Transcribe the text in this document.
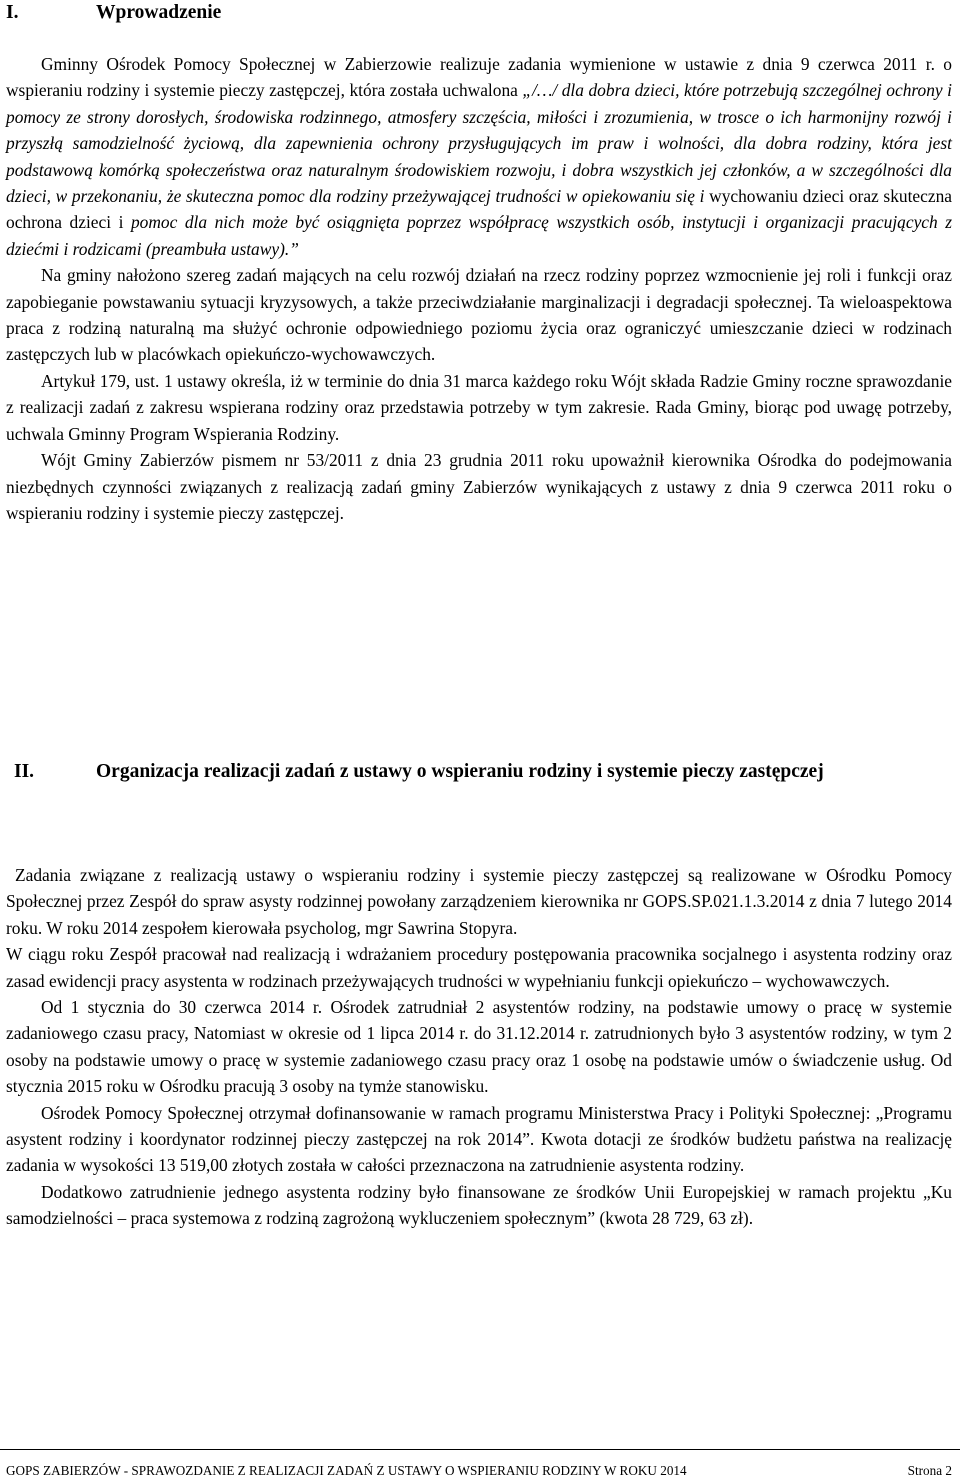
I.	Wprowadzenie

Gminny Ośrodek Pomocy Społecznej w Zabierzowie realizuje zadania wymienione w ustawie z dnia 9 czerwca 2011 r. o wspieraniu rodziny i systemie pieczy zastępczej, która została uchwalona „/…/ dla dobra dzieci, które potrzebują szczególnej ochrony i pomocy ze strony dorosłych, środowiska rodzinnego, atmosfery szczęścia, miłości i zrozumienia, w trosce o ich harmonijny rozwój i przyszłą samodzielność życiową, dla zapewnienia ochrony przysługujących im praw i wolności, dla dobra rodziny, która jest podstawową komórką społeczeństwa oraz naturalnym środowiskiem rozwoju, i dobra wszystkich jej członków, a w szczególności dla dzieci, w przekonaniu, że skuteczna pomoc dla rodziny przeżywającej trudności w opiekowaniu się i wychowaniu dzieci oraz skuteczna ochrona dzieci i pomoc dla nich może być osiągnięta poprzez współpracę wszystkich osób, instytucji i organizacji pracujących z dziećmi i rodzicami (preambuła ustawy).”

Na gminy nałożono szereg zadań mających na celu rozwój działań na rzecz rodziny poprzez wzmocnienie jej roli i funkcji oraz zapobieganie powstawaniu sytuacji kryzysowych, a także przeciwdziałanie marginalizacji i degradacji społecznej. Ta wieloaspektowa praca z rodziną naturalną ma służyć ochronie odpowiedniego poziomu życia oraz ograniczyć umieszczanie dzieci w rodzinach zastępczych lub w placówkach opiekuńczo-wychowawczych.

Artykuł 179, ust. 1 ustawy określa, iż w terminie do dnia 31 marca każdego roku Wójt składa Radzie Gminy roczne sprawozdanie z realizacji zadań z zakresu wspierana rodziny oraz przedstawia potrzeby w tym zakresie. Rada Gminy, biorąc pod uwagę potrzeby, uchwala Gminny Program Wspierania Rodziny.

Wójt Gminy Zabierzów pismem nr 53/2011 z dnia 23 grudnia 2011 roku upoważnił kierownika Ośrodka do podejmowania niezbędnych czynności związanych z realizacją zadań gminy Zabierzów wynikających z ustawy z dnia 9 czerwca 2011 roku o wspieraniu rodziny i systemie pieczy zastępczej.

II.	Organizacja realizacji zadań z ustawy o wspieraniu rodziny i systemie pieczy zastępczej

Zadania związane z realizacją ustawy o wspieraniu rodziny i systemie pieczy zastępczej są realizowane w Ośrodku Pomocy Społecznej przez Zespół do spraw asysty rodzinnej powołany zarządzeniem kierownika nr GOPS.SP.021.1.3.2014 z dnia 7 lutego 2014 roku. W roku 2014 zespołem kierowała psycholog, mgr Sawrina Stopyra.

W ciągu roku Zespół pracował nad realizacją i wdrażaniem procedury postępowania pracownika socjalnego i asystenta rodziny oraz zasad ewidencji pracy asystenta w rodzinach przeżywających trudności w wypełnianiu funkcji opiekuńczo – wychowawczych.

Od 1 stycznia do 30 czerwca 2014 r. Ośrodek zatrudniał 2 asystentów rodziny, na podstawie umowy o pracę w systemie zadaniowego czasu pracy, Natomiast w okresie od 1 lipca 2014 r. do 31.12.2014 r. zatrudnionych było 3 asystentów rodziny, w tym 2 osoby na podstawie umowy o pracę w systemie zadaniowego czasu pracy oraz 1 osobę na podstawie umów o świadczenie usług. Od stycznia 2015 roku w Ośrodku pracują 3 osoby na tymże stanowisku.

Ośrodek Pomocy Społecznej otrzymał dofinansowanie w ramach programu Ministerstwa Pracy i Polityki Społecznej: „Programu asystent rodziny i koordynator rodzinnej pieczy zastępczej na rok 2014”. Kwota dotacji ze środków budżetu państwa na realizację zadania w wysokości 13 519,00 złotych została w całości przeznaczona na zatrudnienie asystenta rodziny.

Dodatkowo zatrudnienie jednego asystenta rodziny było finansowane ze środków Unii Europejskiej w ramach projektu „Ku samodzielności – praca systemowa z rodziną zagrożoną wykluczeniem społecznym” (kwota 28 729, 63 zł).

GOPS ZABIERZÓW - SPRAWOZDANIE Z REALIZACJI ZADAŃ Z USTAWY O WSPIERANIU RODZINY W ROKU 2014	Strona 2
